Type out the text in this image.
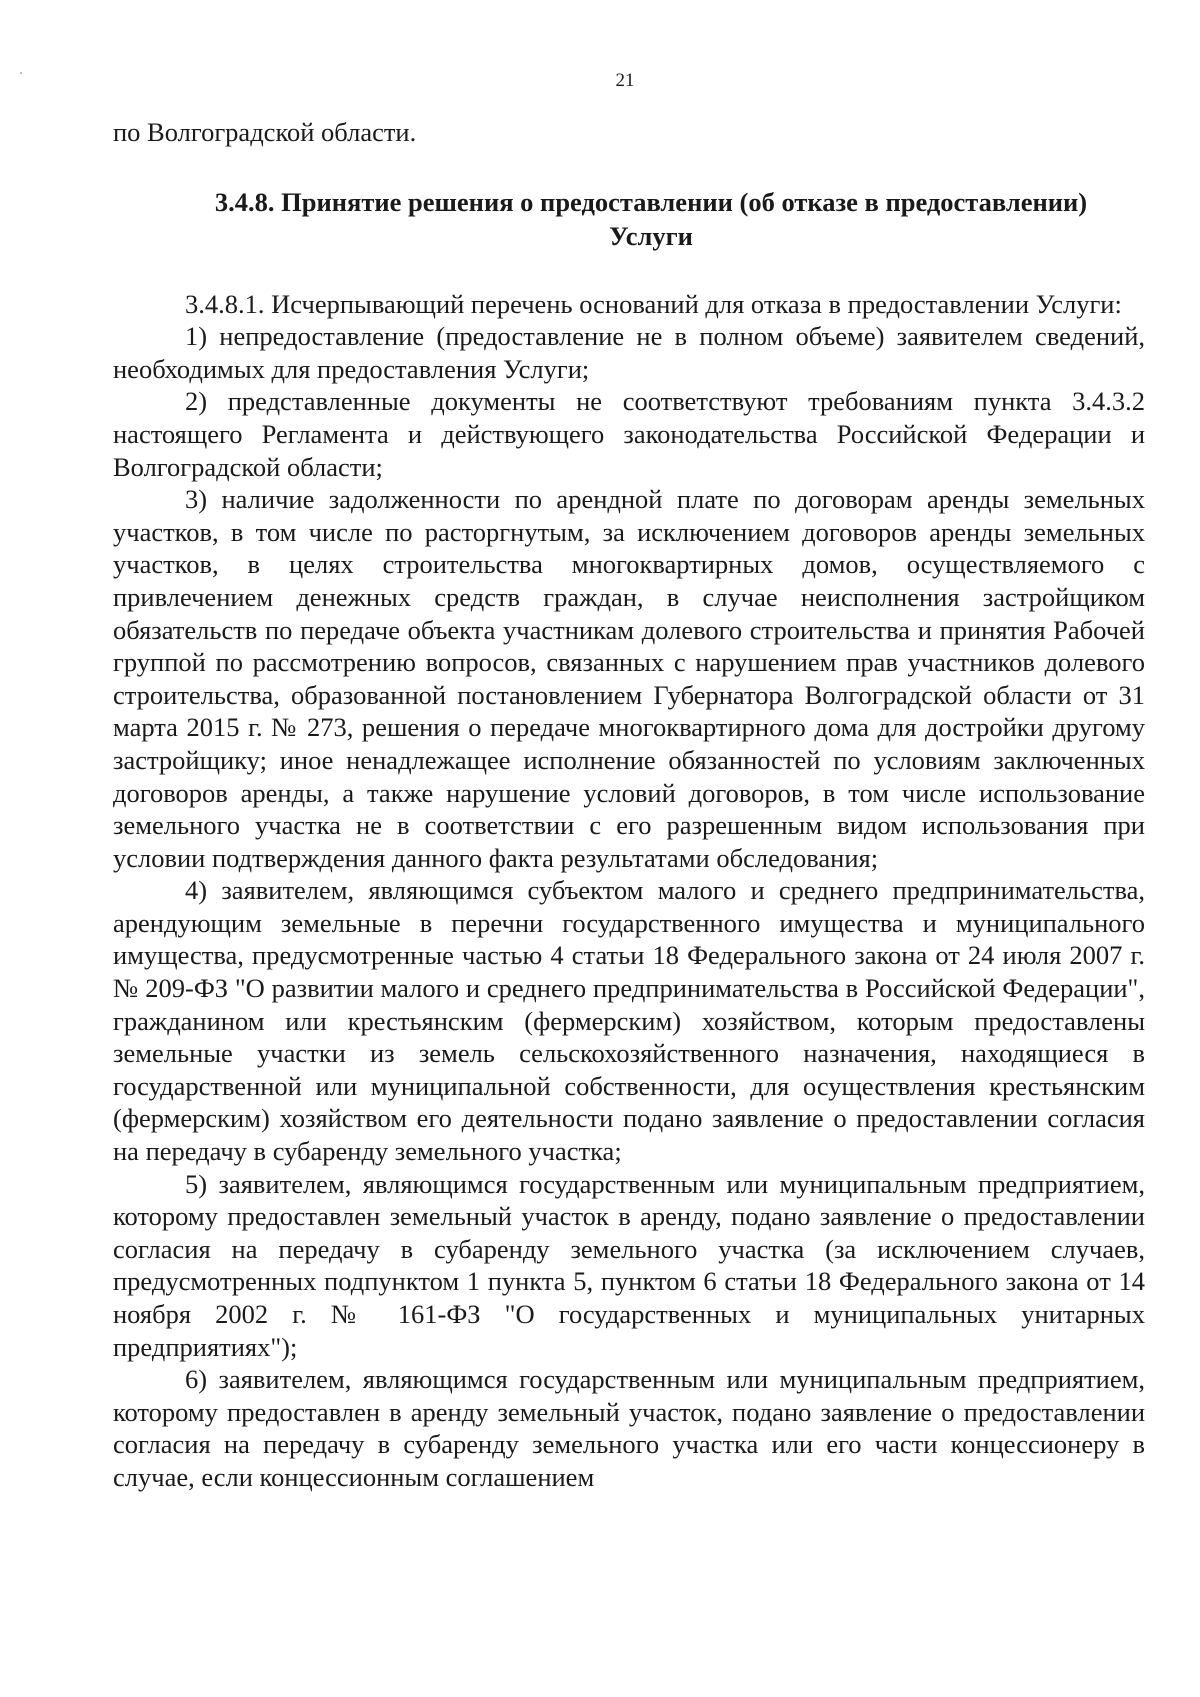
21

по Волгоградской области.

3.4.8. Принятие решения о предоставлении (об отказе в предоставлении)
Услуги

3.4.8.1. Исчерпывающий перечень оснований для отказа в предоставлении Услуги:

1) непредоставление (предоставление не в полном объеме) заявителем сведений, необходимых для предоставления Услуги;

2) представленные документы не соответствуют требованиям пункта 3.4.3.2 настоящего Регламента и действующего законодательства Российской Федерации и Волгоградской области;

3) наличие задолженности по арендной плате по договорам аренды земельных участков, в том числе по расторгнутым, за исключением договоров аренды земельных участков, в целях строительства многоквартирных домов, осуществляемого с привлечением денежных средств граждан, в случае неисполнения застройщиком обязательств по передаче объекта участникам долевого строительства и принятия Рабочей группой по рассмотрению вопросов, связанных с нарушением прав участников долевого строительства, образованной постановлением Губернатора Волгоградской области от 31 марта 2015 г. № 273, решения о передаче многоквартирного дома для достройки другому застройщику; иное ненадлежащее исполнение обязанностей по условиям заключенных договоров аренды, а также нарушение условий договоров, в том числе использование земельного участка не в соответствии с его разрешенным видом использования при условии подтверждения данного факта результатами обследования;

4) заявителем, являющимся субъектом малого и среднего предпринимательства, арендующим земельные в перечни государственного имущества и муниципального имущества, предусмотренные частью 4 статьи 18 Федерального закона от 24 июля 2007 г. № 209-ФЗ "О развитии малого и среднего предпринимательства в Российской Федерации", гражданином или крестьянским (фермерским) хозяйством, которым предоставлены земельные участки из земель сельскохозяйственного назначения, находящиеся в государственной или муниципальной собственности, для осуществления крестьянским (фермерским) хозяйством его деятельности подано заявление о предоставлении согласия на передачу в субаренду земельного участка;

5) заявителем, являющимся государственным или муниципальным предприятием, которому предоставлен земельный участок в аренду, подано заявление о предоставлении согласия на передачу в субаренду земельного участка (за исключением случаев, предусмотренных подпунктом 1 пункта 5, пунктом 6 статьи 18 Федерального закона от 14 ноября 2002 г. № 161-ФЗ "О государственных и муниципальных унитарных предприятиях");

6) заявителем, являющимся государственным или муниципальным предприятием, которому предоставлен в аренду земельный участок, подано заявление о предоставлении согласия на передачу в субаренду земельного участка или его части концессионеру в случае, если концессионным соглашением
